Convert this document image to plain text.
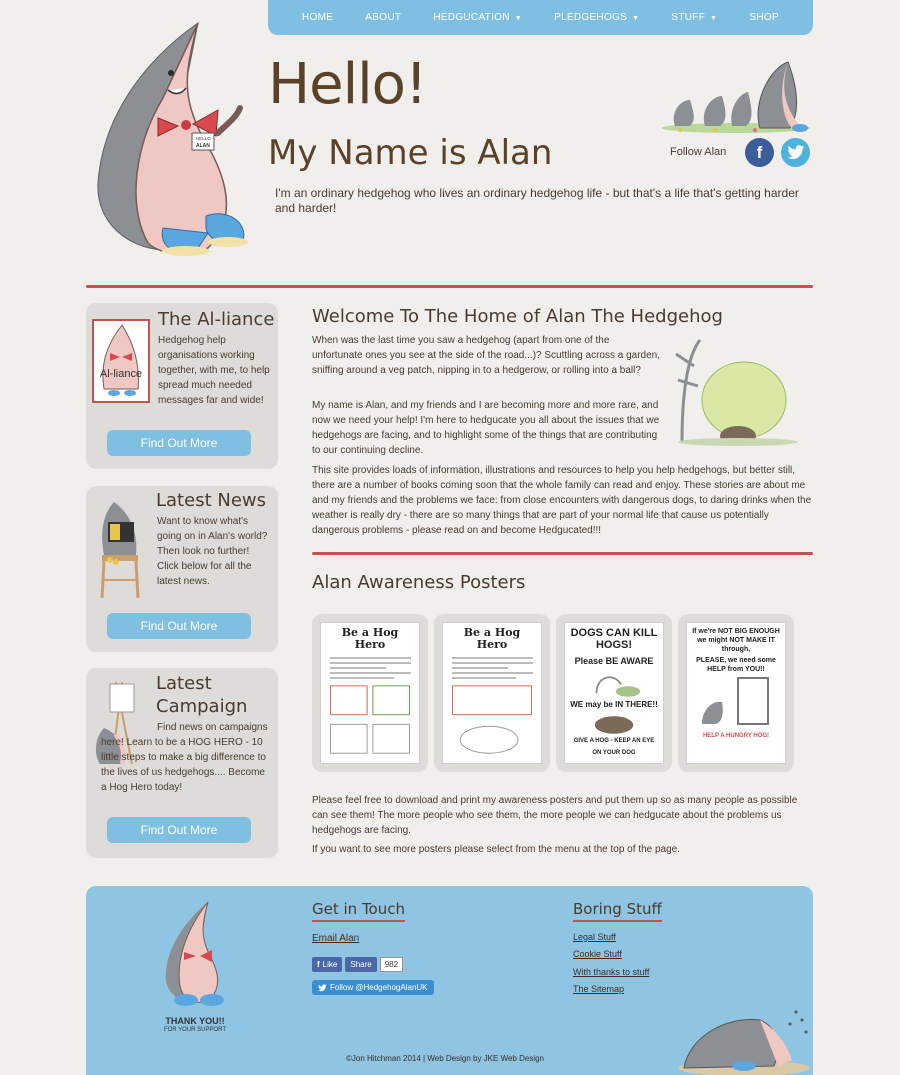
HOME	ABOUT	HEDGUCATION ▼	PLEDGEHOGS ▼	STUFF ▼	SHOP
HELLO
ALAN
Hello!
My Name is Alan
I'm an ordinary hedgehog who lives an ordinary hedgehog life - but that's a life that's getting harder and harder!
Follow Alan f
Al-liance
The Al-liance
Hedgehog help organisations working together, with me, to help spread much needed messages far and wide!
Find Out More
Latest News
Want to know what's going on in Alan's world? Then look no further! Click below for all the latest news.
Find Out More
Latest Campaign
Find news on campaigns here! Learn to be a HOG HERO - 10 little steps to make a big difference to the lives of us hedgehogs.... Become a Hog Hero today!
Find Out More
Welcome To The Home of Alan The Hedgehog
When was the last time you saw a hedgehog (apart from one of the unfortunate ones you see at the side of the road...)? Scuttling across a garden, sniffing around a veg patch, nipping in to a hedgerow, or rolling into a ball?
My name is Alan, and my friends and I are becoming more and more rare, and now we need your help! I'm here to hedgucate you all about the issues that we hedgehogs are facing, and to highlight some of the things that are contributing to our continuing decline.
This site provides loads of information, illustrations and resources to help you help hedgehogs, but better still, there are a number of books coming soon that the whole family can read and enjoy. These stories are about me and my friends and the problems we face: from close encounters with dangerous dogs, to daring drinks when the weather is really dry - there are so many things that are part of your normal life that cause us potentially dangerous problems - please read on and become Hedgucated!!!
Alan Awareness Posters
Be a Hog Hero
Be a Hog Hero
DOGS CAN KILL HOGS!
Please BE AWARE
WE may be IN THERE!!
GIVE A HOG - KEEP AN EYE ON YOUR DOG
If we're NOT BIG ENOUGH we might NOT MAKE IT through,
PLEASE, we need some HELP from YOU!!
HELP A HUNGRY HOG!
Please feel free to download and print my awareness posters and put them up so as many people as possible can see them! The more people who see them, the more people we can hedgucate about the problems us hedgehogs are facing.
If you want to see more posters please select from the menu at the top of the page.
THANK YOU!!
FOR YOUR SUPPORT
Get in Touch
Email Alan
f Like	Share	982
Follow @HedgehogAlanUK
Boring Stuff
Legal Stuff
Cookie Stuff
With thanks to stuff
The Sitemap
©Jon Hitchman 2014 | Web Design by JKE Web Design
